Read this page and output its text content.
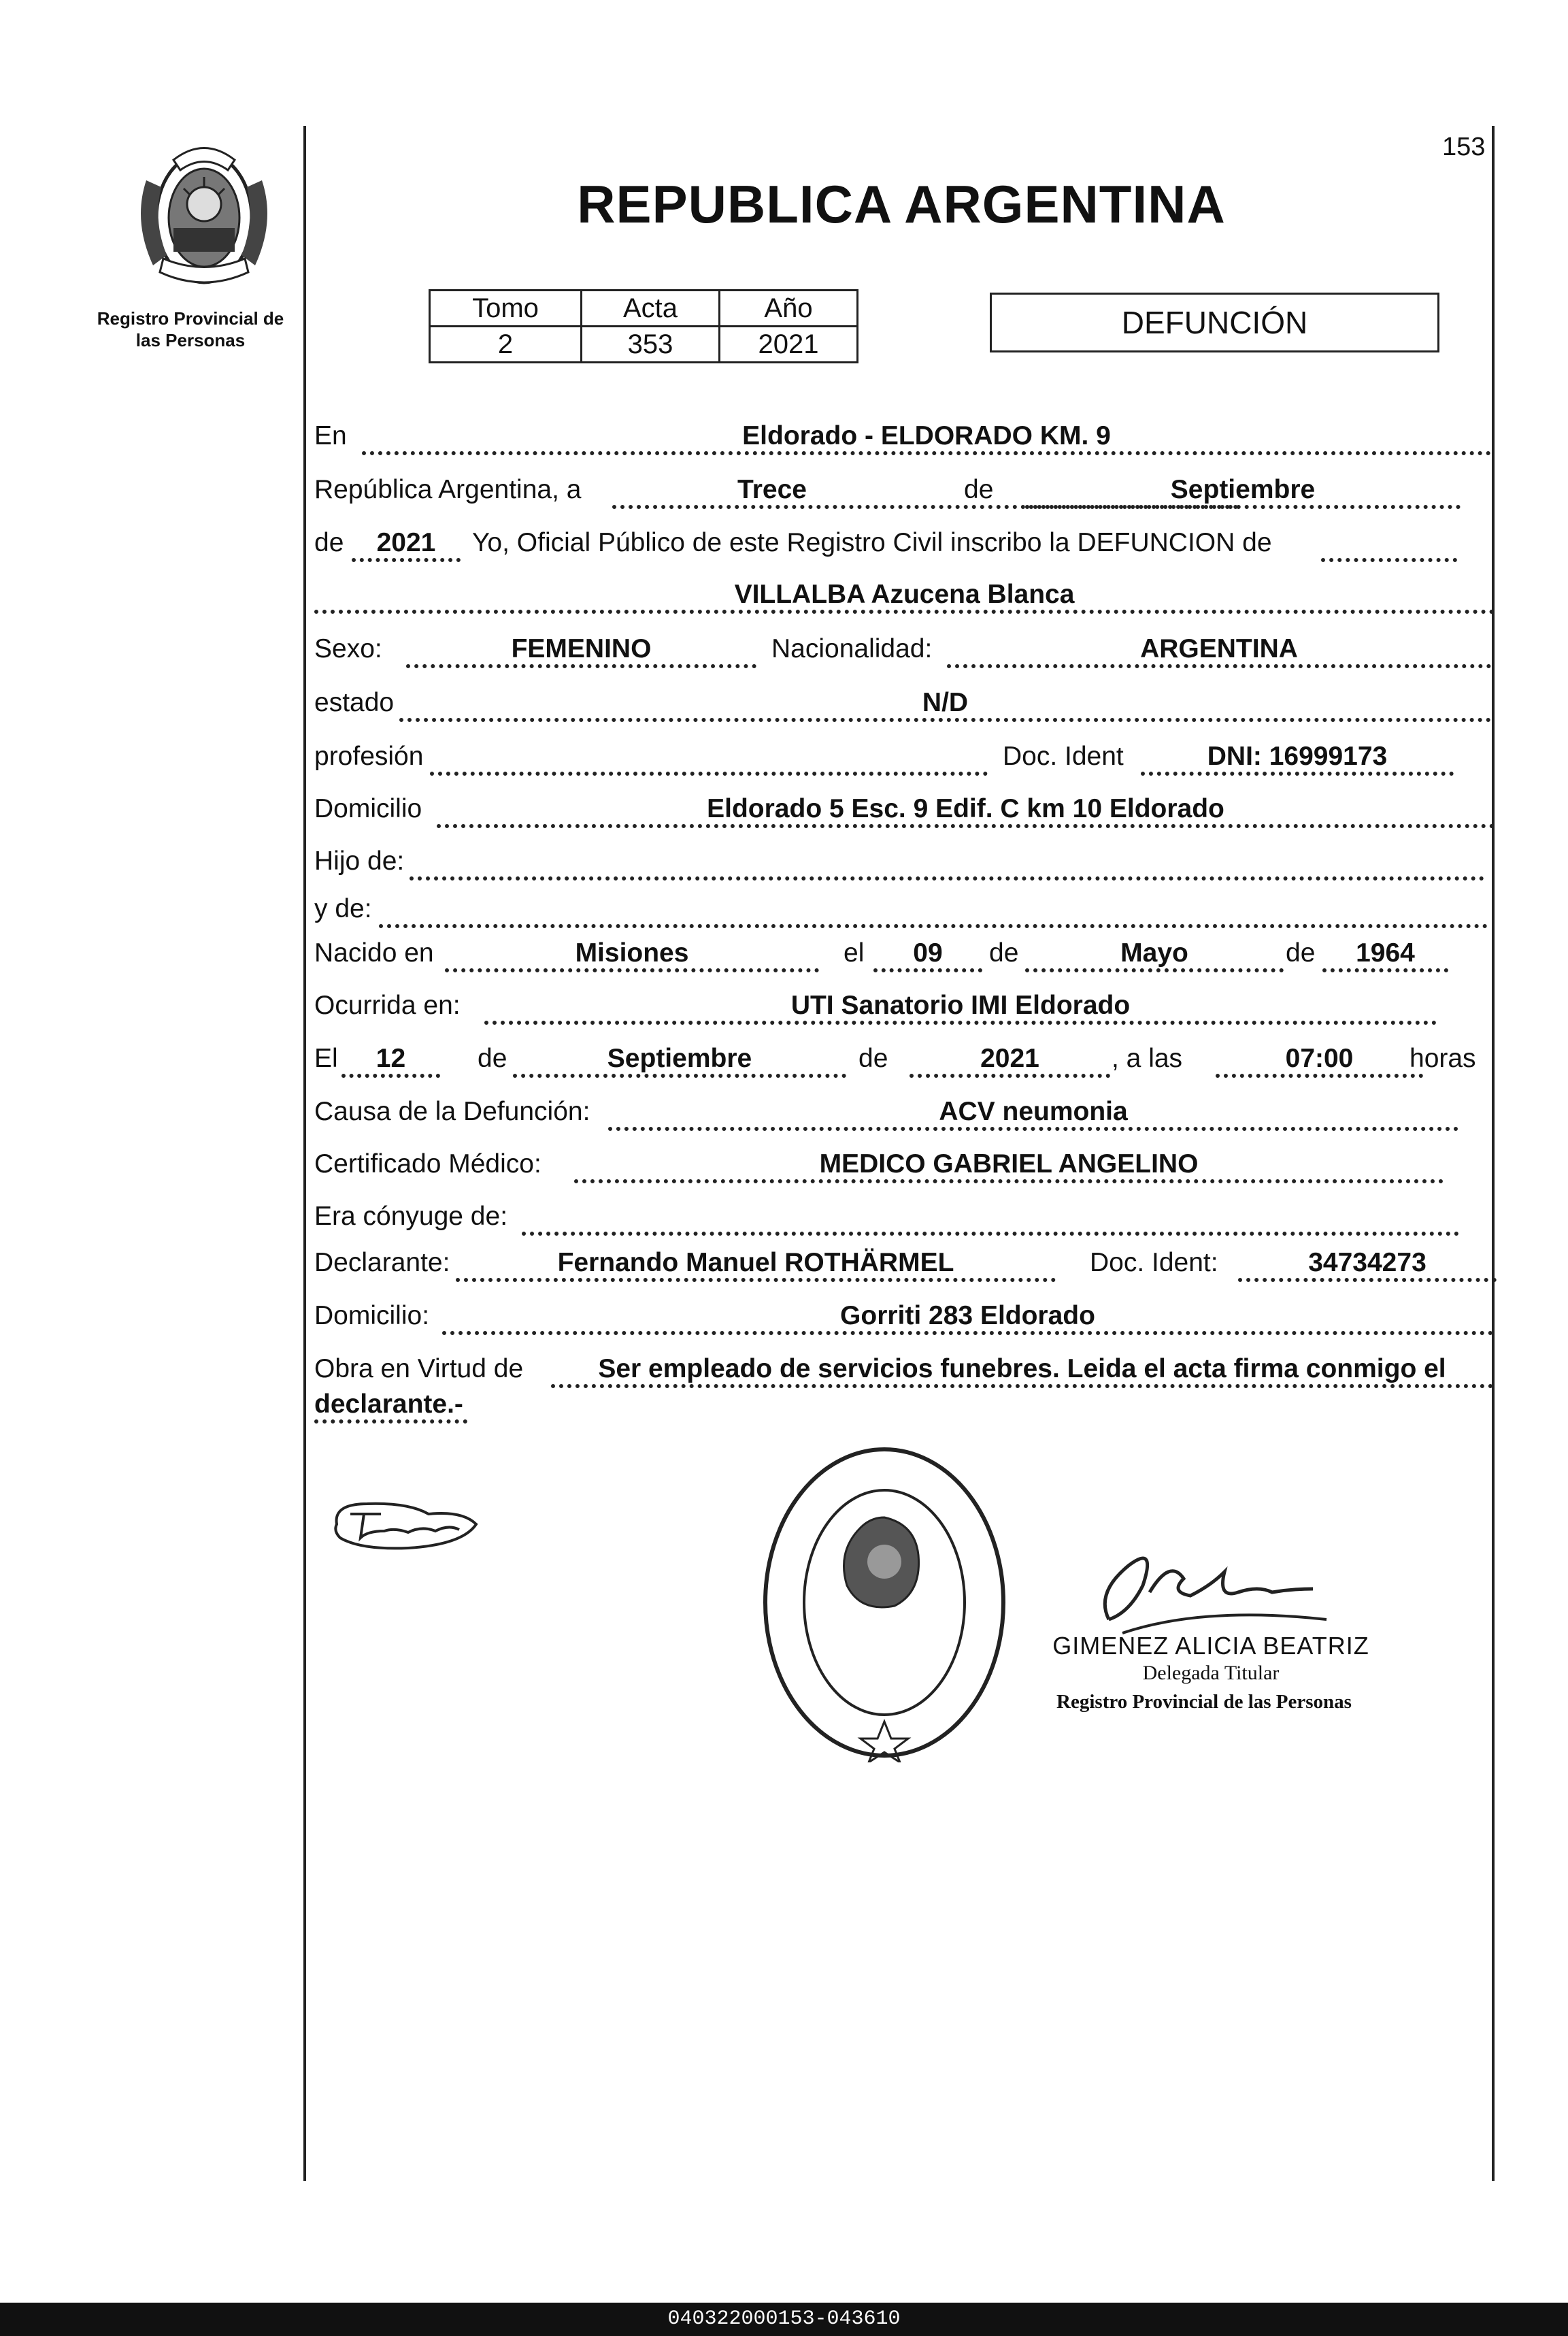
Registro Provincial de
las Personas
153
REPUBLICA ARGENTINA
Tomo	Acta	Año
2	353	2021
DEFUNCIÓN
En	Eldorado - ELDORADO KM. 9
República Argentina, a	Trece	de	Septiembre
de	2021	Yo, Oficial Público de este Registro Civil inscribo la DEFUNCION de
VILLALBA Azucena Blanca
Sexo:	FEMENINO	Nacionalidad:	ARGENTINA
estado	N/D
profesión	Doc. Ident	DNI: 16999173
Domicilio	Eldorado 5 Esc. 9 Edif. C km 10 Eldorado
Hijo de:
y de:
Nacido en	Misiones	el	09	de	Mayo	de	1964
Ocurrida en:	UTI Sanatorio IMI Eldorado
El	12	de	Septiembre	de	2021	, a las	07:00	horas
Causa de la Defunción:	ACV neumonia
Certificado Médico:	MEDICO GABRIEL ANGELINO
Era cónyuge de:
Declarante:	Fernando Manuel ROTHÄRMEL	Doc. Ident:	34734273
Domicilio:	Gorriti 283 Eldorado
Obra en Virtud de	Ser empleado de servicios funebres. Leida el acta firma conmigo el
declarante.-
GIMENEZ ALICIA BEATRIZ
Delegada Titular
Registro Provincial de las Personas
040322000153-043610
